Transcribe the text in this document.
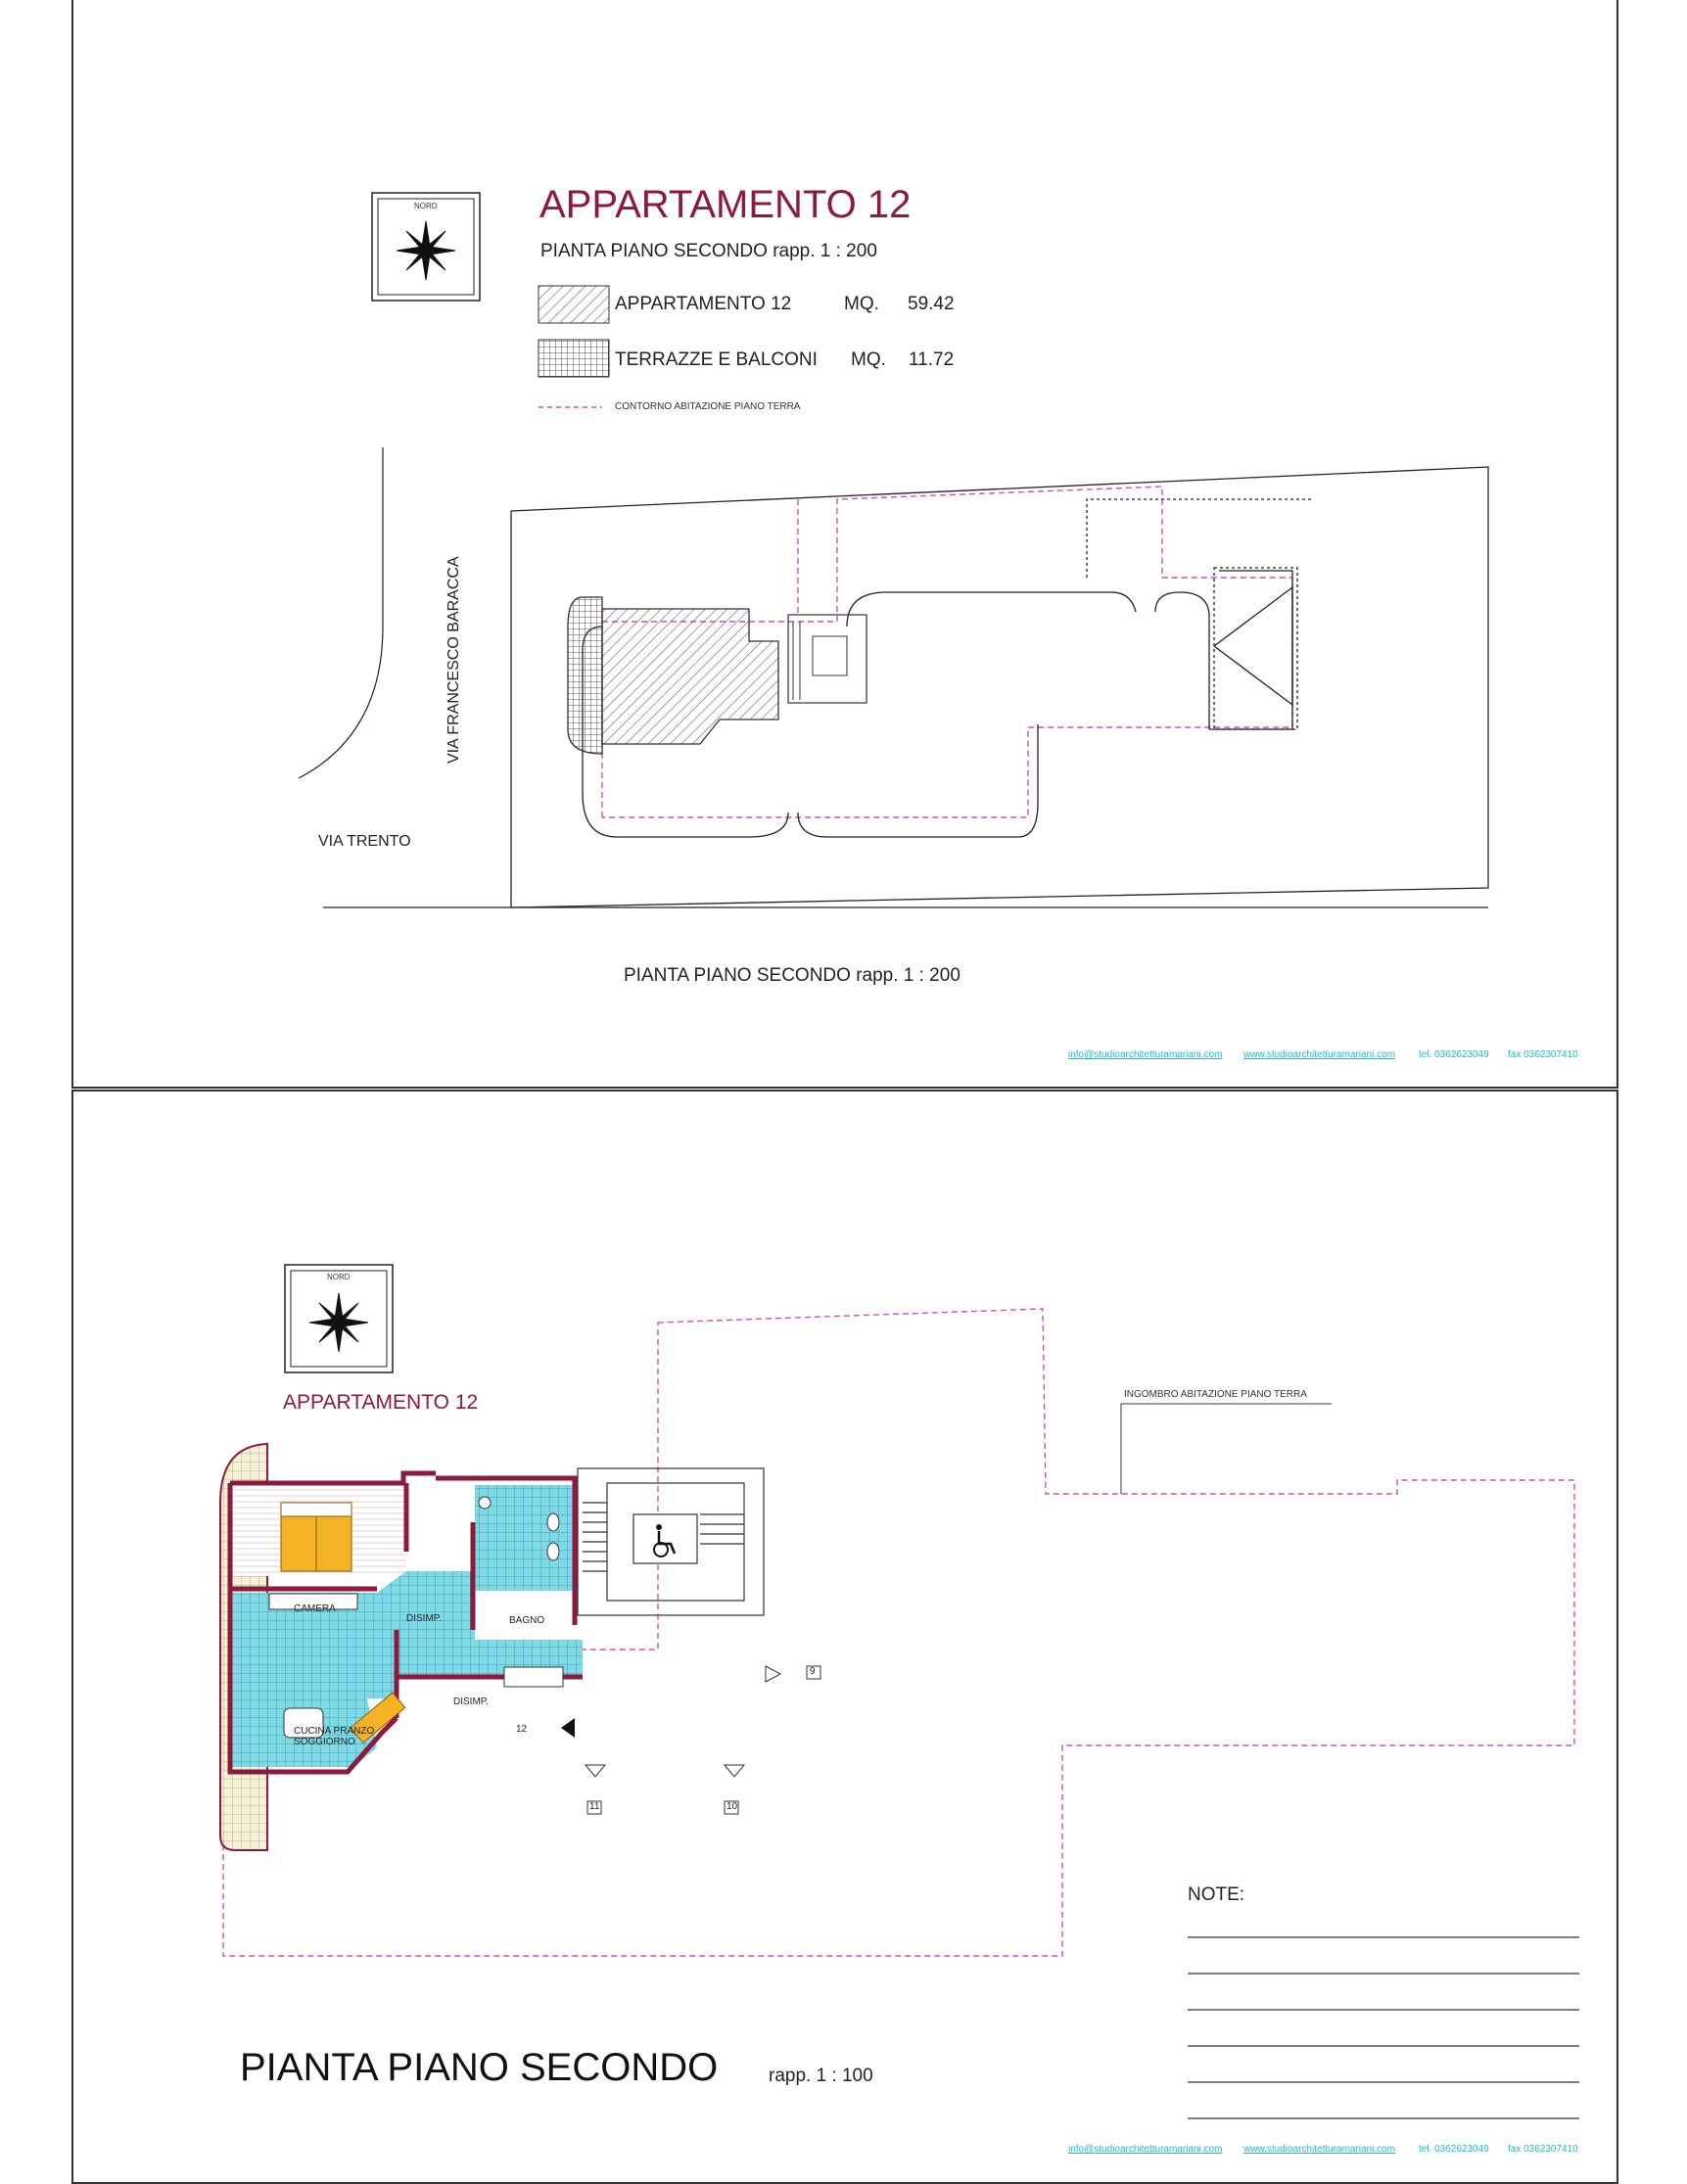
NORD	APPARTAMENTO 12
PIANTA PIANO SECONDO rapp. 1 : 200
APPARTAMENTO 12	MQ. 59.42
TERRAZZE E BALCONI MQ. 11.72
CONTORNO ABITAZIONE PIANO TERRA
VIA FRANCESCO BARACCA
VIA TRENTO
PIANTA PIANO SECONDO rapp. 1 : 200
info@studioarchitetturamariani.com www.studioarchitetturamariani.com tel. 0362623049 fax 0362307410
NORD
APPARTAMENTO 12	INGOMBRO ABITAZIONE PIANO TERRA
CAMERA
DISIMP.	BAGNO
DISIMP.
CUCINA PRANZO
SOGGIORNO
12
9
10
11
NOTE:
PIANTA PIANO SECONDO	rapp. 1 : 100
info@studioarchitetturamariani.com www.studioarchitetturamariani.com tel. 0362623049 fax 0362307410
